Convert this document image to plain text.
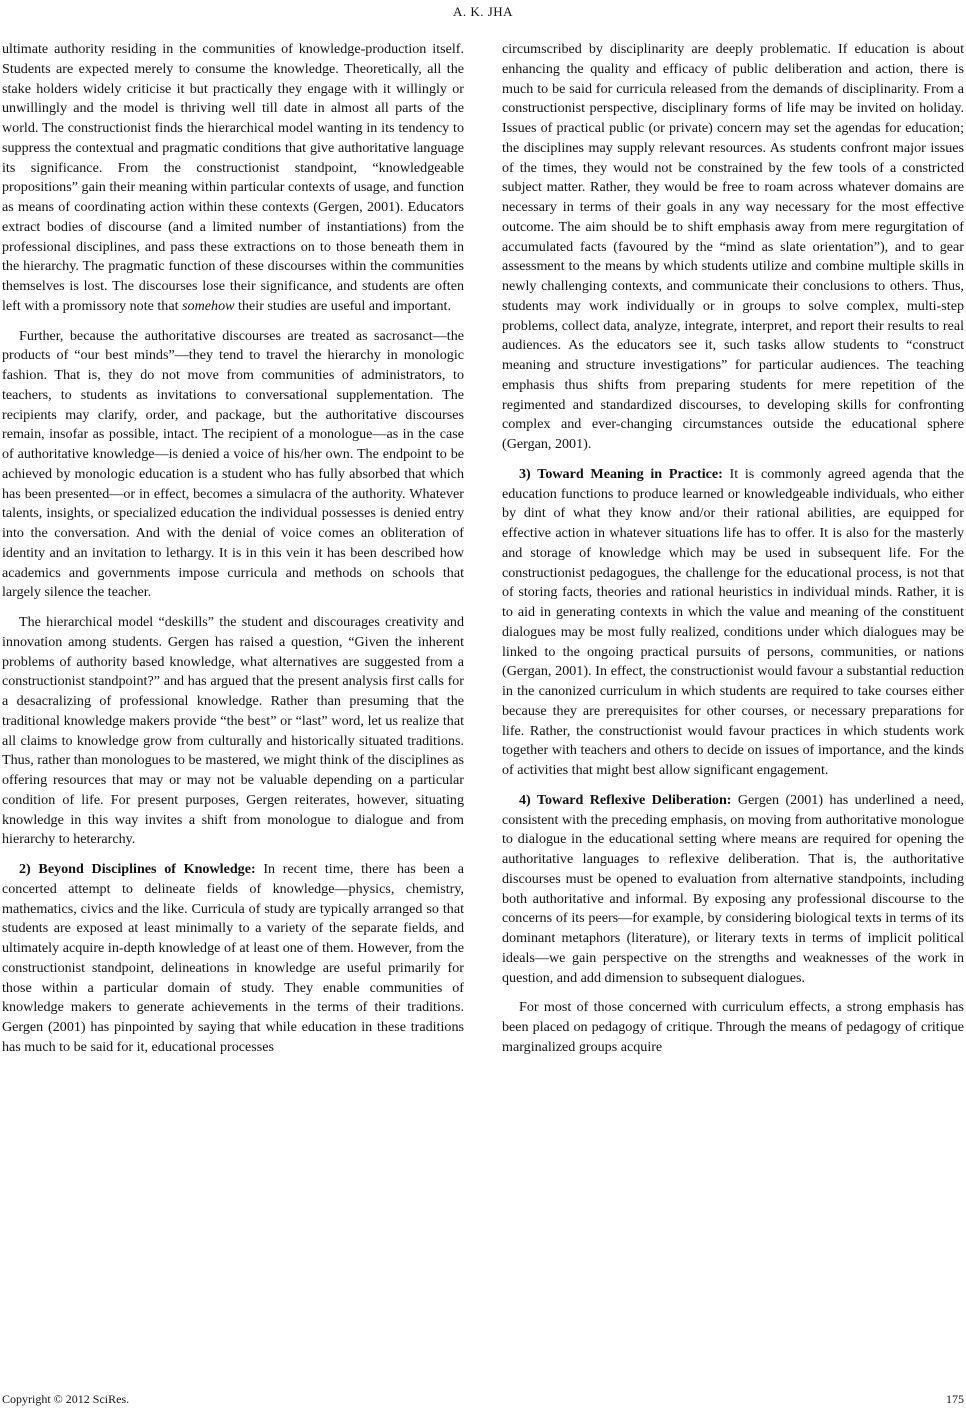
A. K. JHA

ultimate authority residing in the communities of knowledge-production itself. Students are expected merely to consume the knowledge. Theoretically, all the stake holders widely criticise it but practically they engage with it willingly or unwillingly and the model is thriving well till date in almost all parts of the world. The constructionist finds the hierarchical model wanting in its tendency to suppress the contextual and pragmatic conditions that give authoritative language its significance. From the constructionist standpoint, “knowledgeable propositions” gain their meaning within particular contexts of usage, and function as means of coordinating action within these contexts (Gergen, 2001). Educators extract bodies of discourse (and a limited number of instantiations) from the professional disciplines, and pass these extractions on to those beneath them in the hierarchy. The pragmatic function of these discourses within the communities themselves is lost. The discourses lose their significance, and students are often left with a promissory note that somehow their studies are useful and important.

Further, because the authoritative discourses are treated as sacrosanct—the products of “our best minds”—they tend to travel the hierarchy in monologic fashion. That is, they do not move from communities of administrators, to teachers, to students as invitations to conversational supplementation. The recipients may clarify, order, and package, but the authoritative discourses remain, insofar as possible, intact. The recipient of a monologue—as in the case of authoritative knowledge—is denied a voice of his/her own. The endpoint to be achieved by monologic education is a student who has fully absorbed that which has been presented—or in effect, becomes a simulacra of the authority. Whatever talents, insights, or specialized education the individual possesses is denied entry into the conversation. And with the denial of voice comes an obliteration of identity and an invitation to lethargy. It is in this vein it has been described how academics and governments impose curricula and methods on schools that largely silence the teacher.

The hierarchical model “deskills” the student and discourages creativity and innovation among students. Gergen has raised a question, “Given the inherent problems of authority based knowledge, what alternatives are suggested from a constructionist standpoint?” and has argued that the present analysis first calls for a desacralizing of professional knowledge. Rather than presuming that the traditional knowledge makers provide “the best” or “last” word, let us realize that all claims to knowledge grow from culturally and historically situated traditions. Thus, rather than monologues to be mastered, we might think of the disciplines as offering resources that may or may not be valuable depending on a particular condition of life. For present purposes, Gergen reiterates, however, situating knowledge in this way invites a shift from monologue to dialogue and from hierarchy to heterarchy.

2) Beyond Disciplines of Knowledge: In recent time, there has been a concerted attempt to delineate fields of knowledge—physics, chemistry, mathematics, civics and the like. Curricula of study are typically arranged so that students are exposed at least minimally to a variety of the separate fields, and ultimately acquire in-depth knowledge of at least one of them. However, from the constructionist standpoint, delineations in knowledge are useful primarily for those within a particular domain of study. They enable communities of knowledge makers to generate achievements in the terms of their traditions. Gergen (2001) has pinpointed by saying that while education in these traditions has much to be said for it, educational processes

circumscribed by disciplinarity are deeply problematic. If education is about enhancing the quality and efficacy of public deliberation and action, there is much to be said for curricula released from the demands of disciplinarity. From a constructionist perspective, disciplinary forms of life may be invited on holiday. Issues of practical public (or private) concern may set the agendas for education; the disciplines may supply relevant resources. As students confront major issues of the times, they would not be constrained by the few tools of a constricted subject matter. Rather, they would be free to roam across whatever domains are necessary in terms of their goals in any way necessary for the most effective outcome. The aim should be to shift emphasis away from mere regurgitation of accumulated facts (favoured by the “mind as slate orientation”), and to gear assessment to the means by which students utilize and combine multiple skills in newly challenging contexts, and communicate their conclusions to others. Thus, students may work individually or in groups to solve complex, multi-step problems, collect data, analyze, integrate, interpret, and report their results to real audiences. As the educators see it, such tasks allow students to “construct meaning and structure investigations” for particular audiences. The teaching emphasis thus shifts from preparing students for mere repetition of the regimented and standardized discourses, to developing skills for confronting complex and ever-changing circumstances outside the educational sphere (Gergan, 2001).

3) Toward Meaning in Practice: It is commonly agreed agenda that the education functions to produce learned or knowledgeable individuals, who either by dint of what they know and/or their rational abilities, are equipped for effective action in whatever situations life has to offer. It is also for the masterly and storage of knowledge which may be used in subsequent life. For the constructionist pedagogues, the challenge for the educational process, is not that of storing facts, theories and rational heuristics in individual minds. Rather, it is to aid in generating contexts in which the value and meaning of the constituent dialogues may be most fully realized, conditions under which dialogues may be linked to the ongoing practical pursuits of persons, communities, or nations (Gergan, 2001). In effect, the constructionist would favour a substantial reduction in the canonized curriculum in which students are required to take courses either because they are prerequisites for other courses, or necessary preparations for life. Rather, the constructionist would favour practices in which students work together with teachers and others to decide on issues of importance, and the kinds of activities that might best allow significant engagement.

4) Toward Reflexive Deliberation: Gergen (2001) has underlined a need, consistent with the preceding emphasis, on moving from authoritative monologue to dialogue in the educational setting where means are required for opening the authoritative languages to reflexive deliberation. That is, the authoritative discourses must be opened to evaluation from alternative standpoints, including both authoritative and informal. By exposing any professional discourse to the concerns of its peers—for example, by considering biological texts in terms of its dominant metaphors (literature), or literary texts in terms of implicit political ideals—we gain perspective on the strengths and weaknesses of the work in question, and add dimension to subsequent dialogues.

For most of those concerned with curriculum effects, a strong emphasis has been placed on pedagogy of critique. Through the means of pedagogy of critique marginalized groups acquire

Copyright © 2012 SciRes.	175
